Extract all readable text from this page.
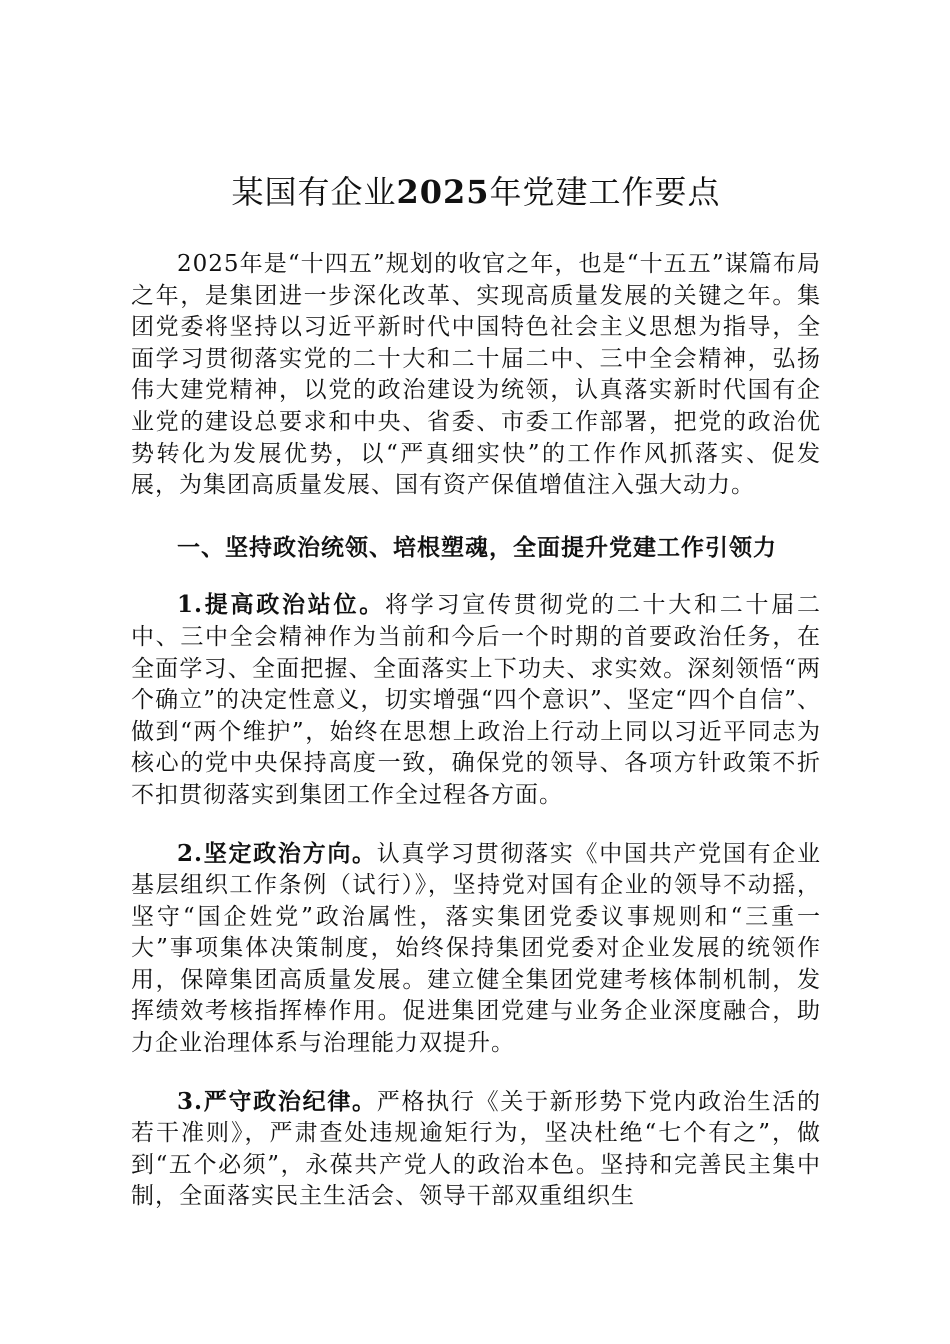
某国有企业2025年党建工作要点

2025年是“十四五”规划的收官之年，也是“十五五”谋篇布局之年，是集团进一步深化改革、实现高质量发展的关键之年。集团党委将坚持以习近平新时代中国特色社会主义思想为指导，全面学习贯彻落实党的二十大和二十届二中、三中全会精神，弘扬伟大建党精神，以党的政治建设为统领，认真落实新时代国有企业党的建设总要求和中央、省委、市委工作部署，把党的政治优势转化为发展优势，以“严真细实快”的工作作风抓落实、促发展，为集团高质量发展、国有资产保值增值注入强大动力。

一、坚持政治统领、培根塑魂，全面提升党建工作引领力

1.提高政治站位。将学习宣传贯彻党的二十大和二十届二中、三中全会精神作为当前和今后一个时期的首要政治任务，在全面学习、全面把握、全面落实上下功夫、求实效。深刻领悟“两个确立”的决定性意义，切实增强“四个意识”、坚定“四个自信”、做到“两个维护”，始终在思想上政治上行动上同以习近平同志为核心的党中央保持高度一致，确保党的领导、各项方针政策不折不扣贯彻落实到集团工作全过程各方面。

2.坚定政治方向。认真学习贯彻落实《中国共产党国有企业基层组织工作条例（试行）》，坚持党对国有企业的领导不动摇，坚守“国企姓党”政治属性，落实集团党委议事规则和“三重一大”事项集体决策制度，始终保持集团党委对企业发展的统领作用，保障集团高质量发展。建立健全集团党建考核体制机制，发挥绩效考核指挥棒作用。促进集团党建与业务企业深度融合，助力企业治理体系与治理能力双提升。

3.严守政治纪律。严格执行《关于新形势下党内政治生活的若干准则》，严肃查处违规逾矩行为，坚决杜绝“七个有之”，做到“五个必须”，永葆共产党人的政治本色。坚持和完善民主集中制，全面落实民主生活会、领导干部双重组织生
